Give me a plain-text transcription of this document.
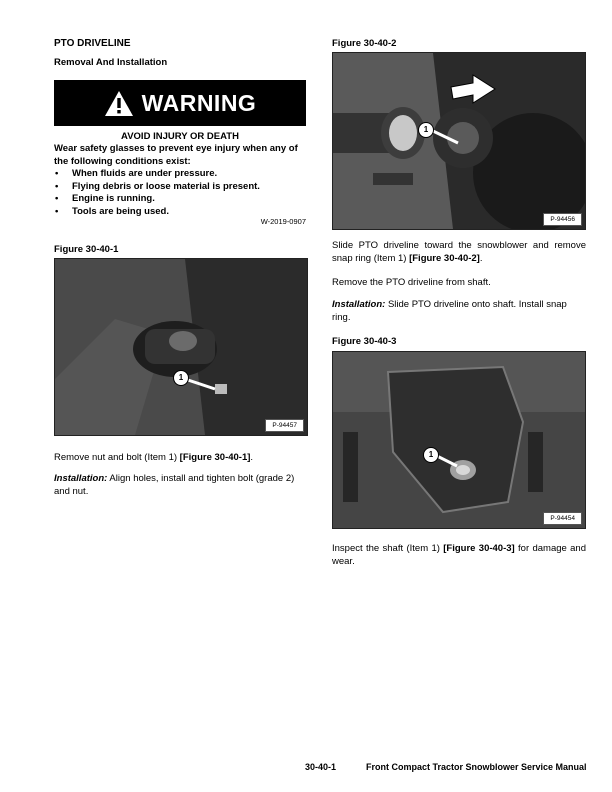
PTO DRIVELINE
Removal And Installation
WARNING
AVOID INJURY OR DEATH
Wear safety glasses to prevent eye injury when any of the following conditions exist:
• When fluids are under pressure.
• Flying debris or loose material is present.
• Engine is running.
• Tools are being used.
W-2019-0907
Figure 30-40-1
1
P-94457
Remove nut and bolt (Item 1) [Figure 30-40-1].
Installation: Align holes, install and tighten bolt (grade 2) and nut.
Figure 30-40-2
1
P-94456
Slide PTO driveline toward the snowblower and remove snap ring (Item 1) [Figure 30-40-2].
Remove the PTO driveline from shaft.
Installation: Slide PTO driveline onto shaft. Install snap ring.
Figure 30-40-3
1
P-94454
Inspect the shaft (Item 1) [Figure 30-40-3] for damage and wear.
30-40-1	Front Compact Tractor Snowblower Service Manual
